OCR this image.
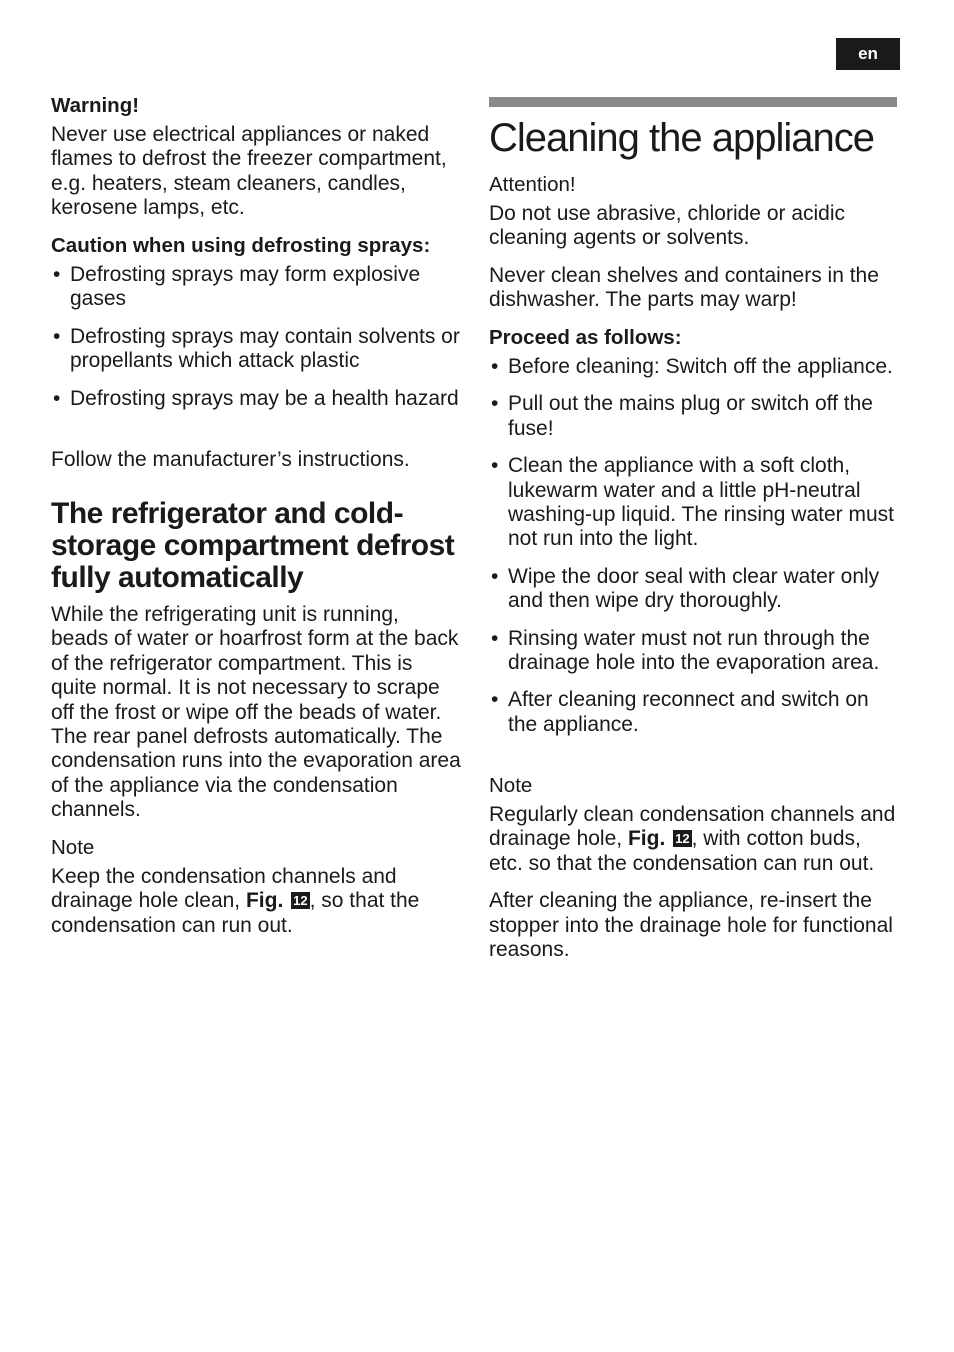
en
Warning!

Never use electrical appliances or naked flames to defrost the freezer compartment, e.g. heaters, steam cleaners, candles, kerosene lamps, etc.

Caution when using defrosting sprays:
• Defrosting sprays may form explosive gases
• Defrosting sprays may contain solvents or propellants which attack plastic
• Defrosting sprays may be a health hazard

Follow the manufacturer’s instructions.

The refrigerator and cold-storage compartment defrost fully automatically

While the refrigerating unit is running, beads of water or hoarfrost form at the back of the refrigerator compartment. This is quite normal. It is not necessary to scrape off the frost or wipe off the beads of water. The rear panel defrosts automatically. The condensation runs into the evaporation area of the appliance via the condensation channels.

Note

Keep the condensation channels and drainage hole clean, Fig. 12, so that the condensation can run out.

Cleaning the appliance
Attention!

Do not use abrasive, chloride or acidic cleaning agents or solvents.

Never clean shelves and containers in the dishwasher. The parts may warp!

Proceed as follows:
• Before cleaning: Switch off the appliance.
• Pull out the mains plug or switch off the fuse!
• Clean the appliance with a soft cloth, lukewarm water and a little pH-neutral washing-up liquid. The rinsing water must not run into the light.
• Wipe the door seal with clear water only and then wipe dry thoroughly.
• Rinsing water must not run through the drainage hole into the evaporation area.
• After cleaning reconnect and switch on the appliance.
Note

Regularly clean condensation channels and drainage hole, Fig. 12, with cotton buds, etc. so that the condensation can run out.

After cleaning the appliance, re-insert the stopper into the drainage hole for functional reasons.
